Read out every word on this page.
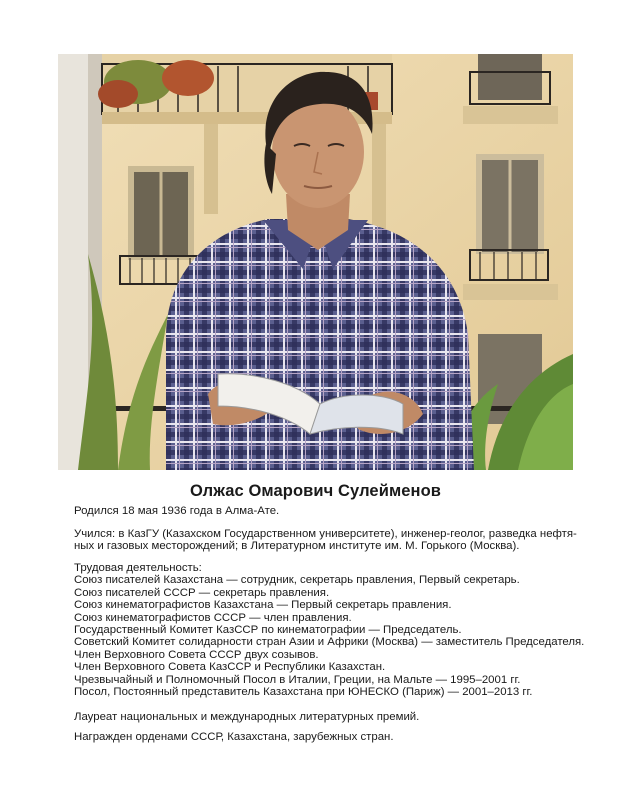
Олжас Омарович Сулейменов
Родился 18 мая 1936 года в Алма-Ате.
Учился: в КазГУ (Казахском Государственном университете), инженер-геолог, разведка нефтя-
ных и газовых месторождений; в Литературном институте им. М. Горького (Москва).
Трудовая деятельность:
Союз писателей Казахстана — сотрудник, секретарь правления, Первый секретарь.
Союз писателей СССР — секретарь правления.
Союз кинематографистов Казахстана — Первый секретарь правления.
Союз кинематографистов СССР — член правления.
Государственный Комитет КазССР по кинематографии — Председатель.
Советский Комитет солидарности стран Азии и Африки (Москва) — заместитель Председателя.
Член Верховного Совета СССР двух созывов.
Член Верховного Совета КазССР и Республики Казахстан.
Чрезвычайный и Полномочный Посол в Италии, Греции, на Мальте — 1995–2001 гг.
Посол, Постоянный представитель Казахстана при ЮНЕСКО (Париж) — 2001–2013 гг.
Лауреат национальных и международных литературных премий.
Награжден орденами СССР, Казахстана, зарубежных стран.
